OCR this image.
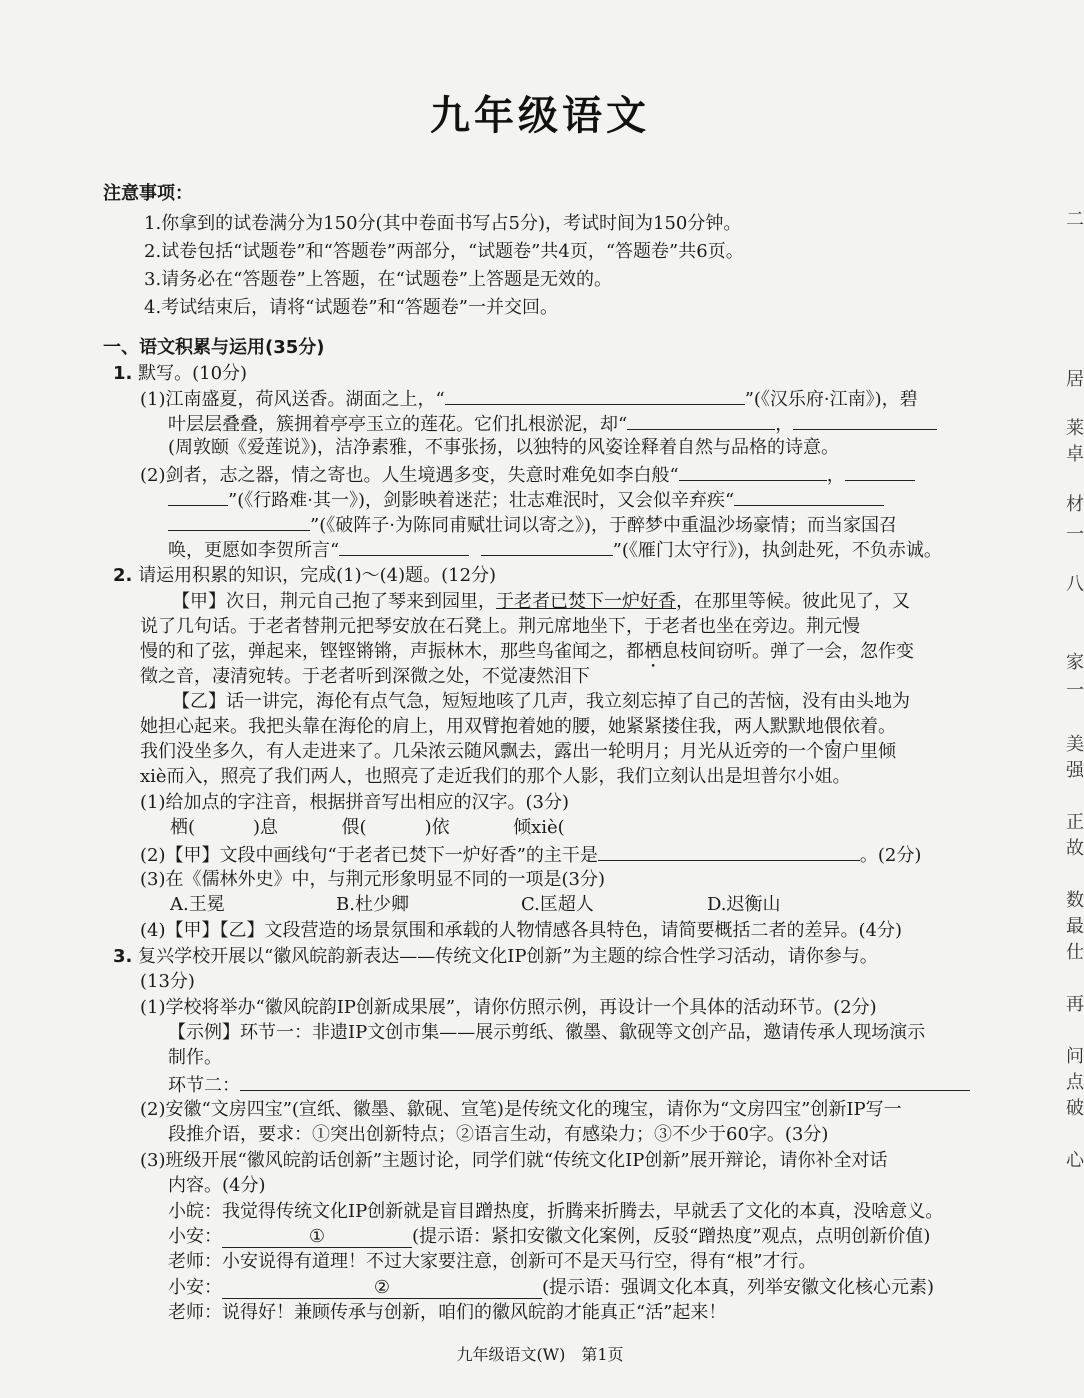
九年级语文
注意事项：
1.你拿到的试卷满分为150分(其中卷面书写占5分)，考试时间为150分钟。
2.试卷包括“试题卷”和“答题卷”两部分，“试题卷”共4页，“答题卷”共6页。
3.请务必在“答题卷”上答题，在“试题卷”上答题是无效的。
4.考试结束后，请将“试题卷”和“答题卷”一并交回。
一、语文积累与运用(35分)
1. 默写。(10分)
(1)江南盛夏，荷风送香。湖面之上，“	”(《汉乐府·江南》)，碧
叶层层叠叠，簇拥着亭亭玉立的莲花。它们扎根淤泥，却“	，
(周敦颐《爱莲说》)，洁净素雅，不事张扬，以独特的风姿诠释着自然与品格的诗意。
(2)剑者，志之器，情之寄也。人生境遇多变，失意时难免如李白般“	，
”(《行路难·其一》)，剑影映着迷茫；壮志难泯时，又会似辛弃疾“
”(《破阵子·为陈同甫赋壮词以寄之》)，于醉梦中重温沙场豪情；而当家国召
唤，更愿如李贺所言“	”(《雁门太守行》)，执剑赴死，不负赤诚。
2. 请运用积累的知识，完成(1)～(4)题。(12分)
【甲】次日，荆元自己抱了琴来到园里，于老者已焚下一炉好香，在那里等候。彼此见了，又
说了几句话。于老者替荆元把琴安放在石凳上。荆元席地坐下，于老者也坐在旁边。荆元慢
慢的和了弦，弹起来，铿铿锵锵，声振林木，那些鸟雀闻之，都栖息枝间窃听。弹了一会，忽作变
徵之音，凄清宛转。于老者听到深微之处，不觉凄然泪下
【乙】话一讲完，海伦有点气急，短短地咳了几声，我立刻忘掉了自己的苦恼，没有由头地为
她担心起来。我把头靠在海伦的肩上，用双臂抱着她的腰，她紧紧搂住我，两人默默地偎依着。
我们没坐多久，有人走进来了。几朵浓云随风飘去，露出一轮明月；月光从近旁的一个窗户里倾
xiè而入，照亮了我们两人，也照亮了走近我们的那个人影，我们立刻认出是坦普尔小姐。
(1)给加点的字注音，根据拼音写出相应的汉字。(3分)
栖(	)息	偎(	)依	倾xiè(
(2)【甲】文段中画线句“于老者已焚下一炉好香”的主干是	。(2分)
(3)在《儒林外史》中，与荆元形象明显不同的一项是(3分)
A.王冕	B.杜少卿	C.匡超人	D.迟衡山
(4)【甲】【乙】文段营造的场景氛围和承载的人物情感各具特色，请简要概括二者的差异。(4分)
3. 复兴学校开展以“徽风皖韵新表达——传统文化IP创新”为主题的综合性学习活动，请你参与。
(13分)
(1)学校将举办“徽风皖韵IP创新成果展”，请你仿照示例，再设计一个具体的活动环节。(2分)
【示例】环节一：非遗IP文创市集——展示剪纸、徽墨、歙砚等文创产品，邀请传承人现场演示
制作。
环节二：
(2)安徽“文房四宝”(宣纸、徽墨、歙砚、宣笔)是传统文化的瑰宝，请你为“文房四宝”创新IP写一
段推介语，要求：①突出创新特点；②语言生动，有感染力；③不少于60字。(3分)
(3)班级开展“徽风皖韵话创新”主题讨论，同学们就“传统文化IP创新”展开辩论，请你补全对话
内容。(4分)
小皖：我觉得传统文化IP创新就是盲目蹭热度，折腾来折腾去，早就丢了文化的本真，没啥意义。
小安：	①	(提示语：紧扣安徽文化案例，反驳“蹭热度”观点，点明创新价值)
老师：小安说得有道理！不过大家要注意，创新可不是天马行空，得有“根”才行。
小安：	②	(提示语：强调文化本真，列举安徽文化核心元素)
老师：说得好！兼顾传承与创新，咱们的徽风皖韵才能真正“活”起来！
九年级语文(W)　第1页
二
居
莱
卓
材
一
八
家
一
美
强
正
故
数
最
仕
再
问
点
破
心
